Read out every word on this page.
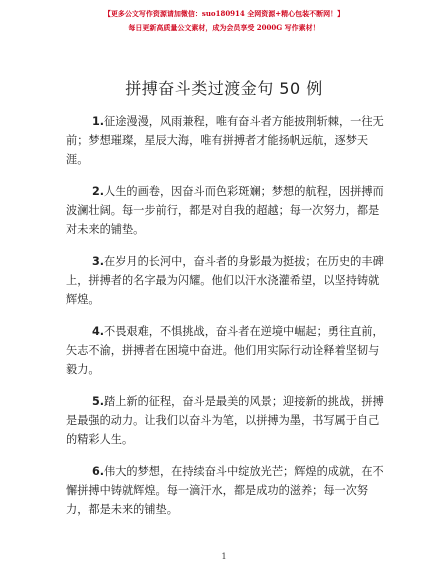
【更多公文写作资源请加微信：suo180914 全网资源+精心包装不断网！】
每日更新高质量公文素材，成为会员享受 2000G 写作素材！
拼搏奋斗类过渡金句 50 例

1.征途漫漫，风雨兼程，唯有奋斗者方能披荆斩棘，一往无前；梦想璀璨，星辰大海，唯有拼搏者才能扬帆远航，逐梦天涯。

2.人生的画卷，因奋斗而色彩斑斓；梦想的航程，因拼搏而波澜壮阔。每一步前行，都是对自我的超越；每一次努力，都是对未来的铺垫。

3.在岁月的长河中，奋斗者的身影最为挺拔；在历史的丰碑上，拼搏者的名字最为闪耀。他们以汗水浇灌希望，以坚持铸就辉煌。

4.不畏艰难，不惧挑战，奋斗者在逆境中崛起；勇往直前，矢志不渝，拼搏者在困境中奋进。他们用实际行动诠释着坚韧与毅力。

5.踏上新的征程，奋斗是最美的风景；迎接新的挑战，拼搏是最强的动力。让我们以奋斗为笔，以拼搏为墨，书写属于自己的精彩人生。

6.伟大的梦想，在持续奋斗中绽放光芒；辉煌的成就，在不懈拼搏中铸就辉煌。每一滴汗水，都是成功的滋养；每一次努力，都是未来的铺垫。

1
